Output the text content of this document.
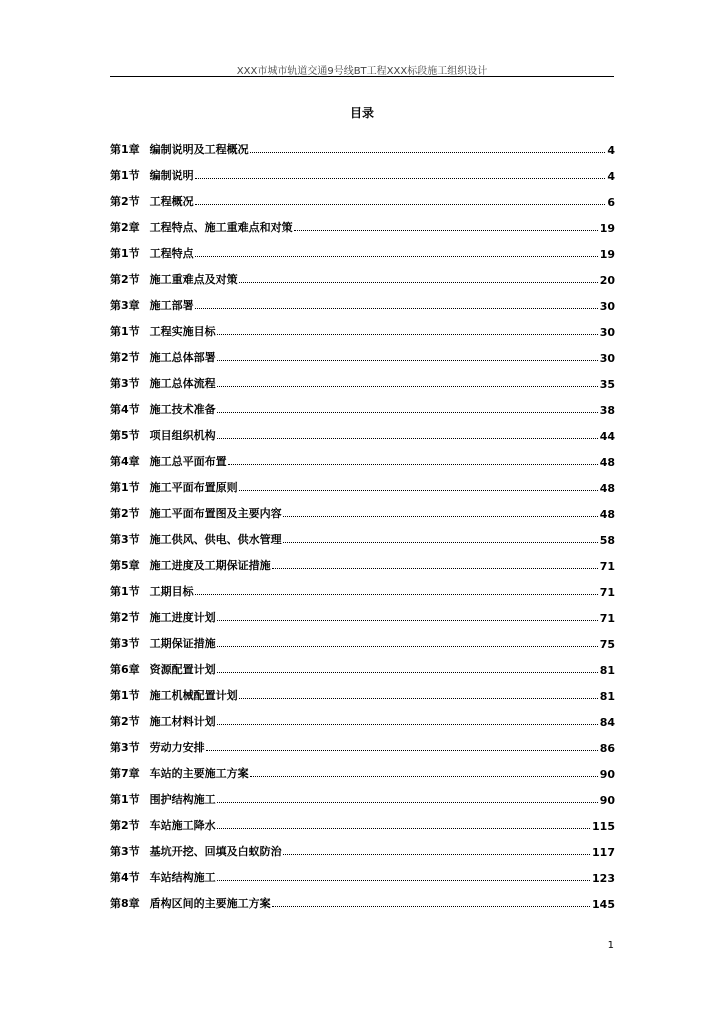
XXX市城市轨道交通9号线BT工程XXX标段施工组织设计
目录
第1章 编制说明及工程概况	4
第1节 编制说明	4
第2节 工程概况	6
第2章 工程特点、施工重难点和对策	19
第1节 工程特点	19
第2节 施工重难点及对策	20
第3章 施工部署	30
第1节 工程实施目标	30
第2节 施工总体部署	30
第3节 施工总体流程	35
第4节 施工技术准备	38
第5节 项目组织机构	44
第4章 施工总平面布置	48
第1节 施工平面布置原则	48
第2节 施工平面布置图及主要内容	48
第3节 施工供风、供电、供水管理	58
第5章 施工进度及工期保证措施	71
第1节 工期目标	71
第2节 施工进度计划	71
第3节 工期保证措施	75
第6章 资源配置计划	81
第1节 施工机械配置计划	81
第2节 施工材料计划	84
第3节 劳动力安排	86
第7章 车站的主要施工方案	90
第1节 围护结构施工	90
第2节 车站施工降水	115
第3节 基坑开挖、回填及白蚁防治	117
第4节 车站结构施工	123
第8章 盾构区间的主要施工方案	145
1
